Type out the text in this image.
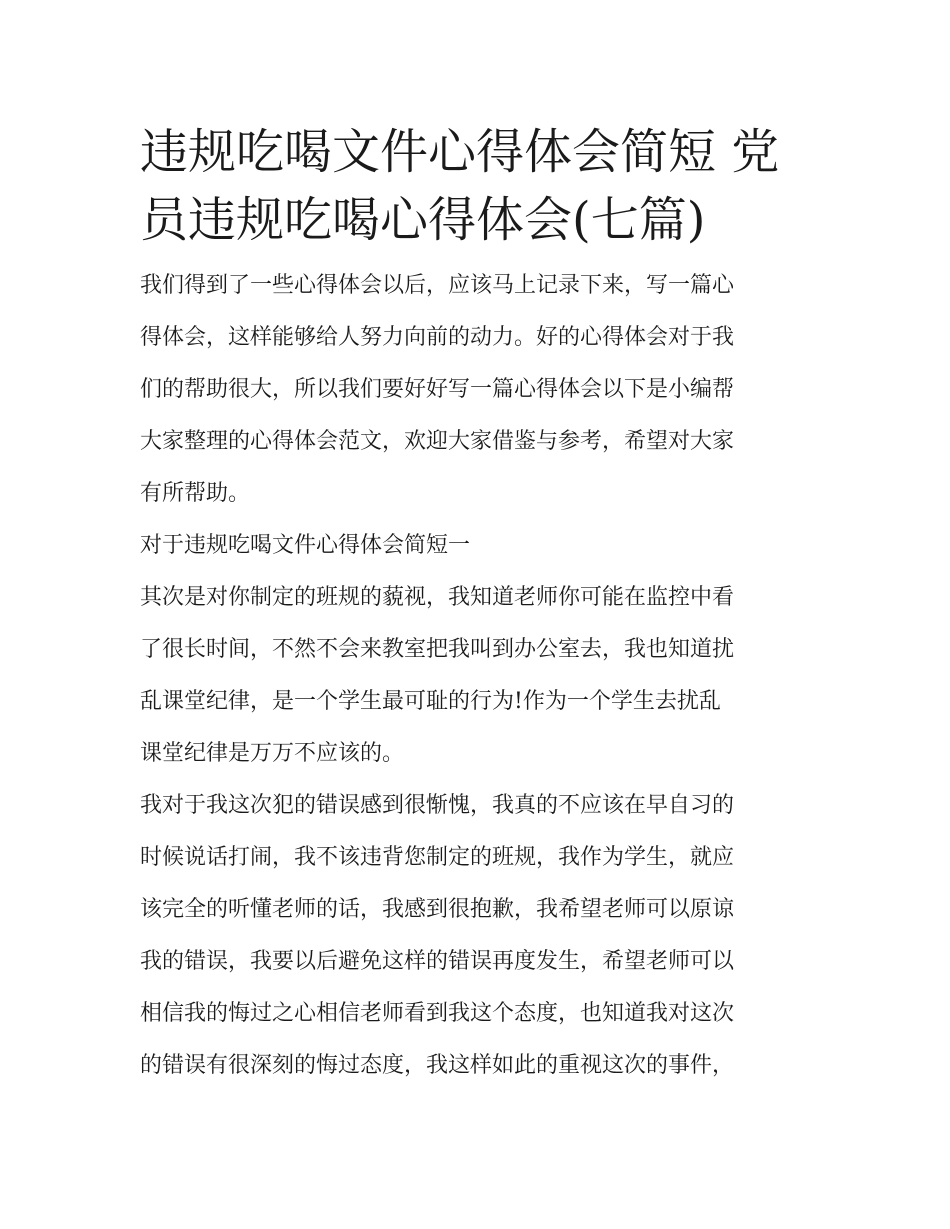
违规吃喝文件心得体会简短 党
员违规吃喝心得体会(七篇)

我们得到了一些心得体会以后，应该马上记录下来，写一篇心
得体会，这样能够给人努力向前的动力。好的心得体会对于我
们的帮助很大，所以我们要好好写一篇心得体会以下是小编帮
大家整理的心得体会范文，欢迎大家借鉴与参考，希望对大家
有所帮助。

对于违规吃喝文件心得体会简短一

其次是对你制定的班规的藐视，我知道老师你可能在监控中看
了很长时间，不然不会来教室把我叫到办公室去，我也知道扰
乱课堂纪律，是一个学生最可耻的行为!作为一个学生去扰乱
课堂纪律是万万不应该的。

我对于我这次犯的错误感到很惭愧，我真的不应该在早自习的
时候说话打闹，我不该违背您制定的班规，我作为学生，就应
该完全的听懂老师的话，我感到很抱歉，我希望老师可以原谅
我的错误，我要以后避免这样的错误再度发生，希望老师可以
相信我的悔过之心相信老师看到我这个态度，也知道我对这次
的错误有很深刻的悔过态度，我这样如此的重视这次的事件，
